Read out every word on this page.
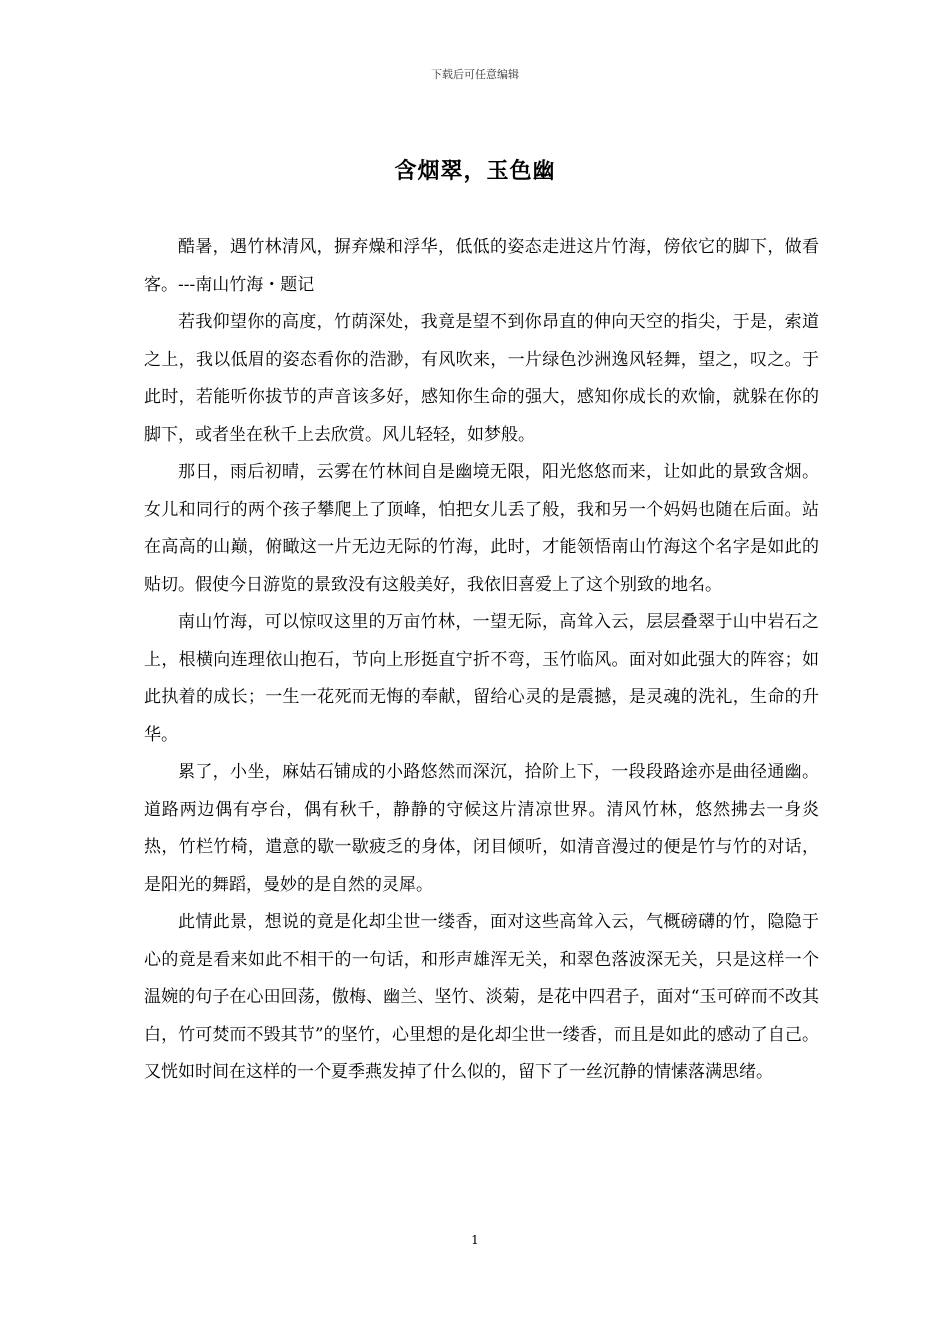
下载后可任意编辑
含烟翠，玉色幽

酷暑，遇竹林清风，摒弃燥和浮华，低低的姿态走进这片竹海，傍依它的脚下，做看客。---南山竹海・题记

若我仰望你的高度，竹荫深处，我竟是望不到你昂直的伸向天空的指尖，于是，索道之上，我以低眉的姿态看你的浩渺，有风吹来，一片绿色沙洲逸风轻舞，望之，叹之。于此时，若能听你拔节的声音该多好，感知你生命的强大，感知你成长的欢愉，就躲在你的脚下，或者坐在秋千上去欣赏。风儿轻轻，如梦般。

那日，雨后初晴，云雾在竹林间自是幽境无限，阳光悠悠而来，让如此的景致含烟。女儿和同行的两个孩子攀爬上了顶峰，怕把女儿丢了般，我和另一个妈妈也随在后面。站在高高的山巅，俯瞰这一片无边无际的竹海，此时，才能领悟南山竹海这个名字是如此的贴切。假使今日游览的景致没有这般美好，我依旧喜爱上了这个别致的地名。

南山竹海，可以惊叹这里的万亩竹林，一望无际，高耸入云，层层叠翠于山中岩石之上，根横向连理依山抱石，节向上形挺直宁折不弯，玉竹临风。面对如此强大的阵容；如此执着的成长；一生一花死而无悔的奉献，留给心灵的是震撼，是灵魂的洗礼，生命的升华。

累了，小坐，麻姑石铺成的小路悠然而深沉，拾阶上下，一段段路途亦是曲径通幽。道路两边偶有亭台，偶有秋千，静静的守候这片清凉世界。清风竹林，悠然拂去一身炎热，竹栏竹椅，遣意的歇一歇疲乏的身体，闭目倾听，如清音漫过的便是竹与竹的对话，是阳光的舞蹈，曼妙的是自然的灵犀。

此情此景，想说的竟是化却尘世一缕香，面对这些高耸入云，气概磅礴的竹，隐隐于心的竟是看来如此不相干的一句话，和形声雄浑无关，和翠色落波深无关，只是这样一个温婉的句子在心田回荡，傲梅、幽兰、坚竹、淡菊，是花中四君子，面对“玉可碎而不改其白，竹可焚而不毁其节”的坚竹，心里想的是化却尘世一缕香，而且是如此的感动了自己。又恍如时间在这样的一个夏季燕发掉了什么似的，留下了一丝沉静的情愫落满思绪。

1
